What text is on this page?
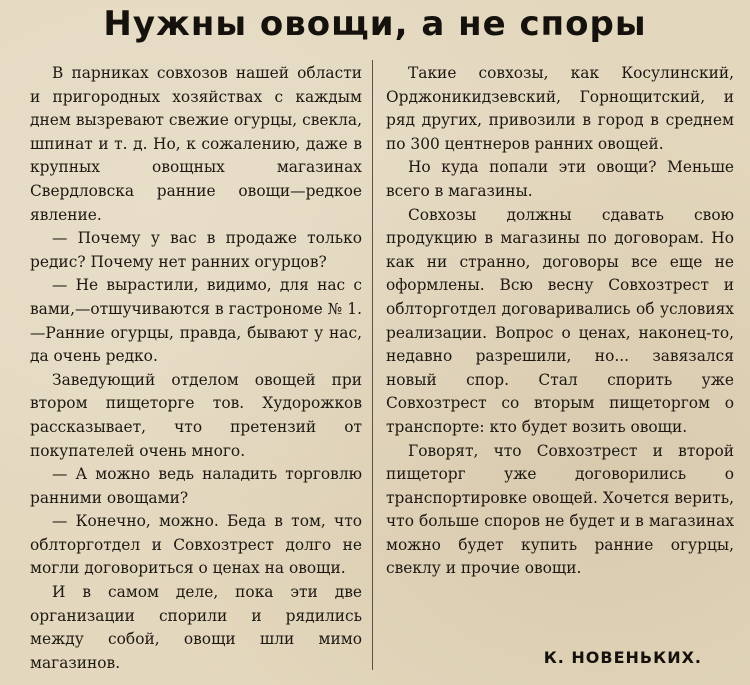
Нужны овощи, а не споры

В парниках совхозов нашей области и пригородных хозяйствах с каждым днем вызревают свежие огурцы, свекла, шпинат и т. д. Но, к сожалению, даже в крупных овощных магазинах Свердловска ранние овощи—редкое явление.

— Почему у вас в продаже только редис? Почему нет ранних огурцов?

— Не вырастили, видимо, для нас с вами,—отшучиваются в гастрономе № 1. —Ранние огурцы, правда, бывают у нас, да очень редко.

Заведующий отделом овощей при втором пищеторге тов. Худорожков рассказывает, что претензий от покупателей очень много.

— А можно ведь наладить торговлю ранними овощами?

— Конечно, можно. Беда в том, что облторготдел и Совхозтрест долго не могли договориться о ценах на овощи.

И в самом деле, пока эти две организации спорили и рядились между собой, овощи шли мимо магазинов.

Такие совхозы, как Косулинский, Орджоникидзевский, Горнощитский, и ряд других, привозили в город в среднем по 300 центнеров ранних овощей.

Но куда попали эти овощи? Меньше всего в магазины.

Совхозы должны сдавать свою продукцию в магазины по договорам. Но как ни странно, договоры все еще не оформлены. Всю весну Совхозтрест и облторготдел договаривались об условиях реализации. Вопрос о ценах, наконец-то, недавно разрешили, но... завязался новый спор. Стал спорить уже Совхозтрест со вторым пищеторгом о транспорте: кто будет возить овощи.

Говорят, что Совхозтрест и второй пищеторг уже договорились о транспортировке овощей. Хочется верить, что больше споров не будет и в магазинах можно будет купить ранние огурцы, свеклу и прочие овощи.

К. НОВЕНЬКИХ.
